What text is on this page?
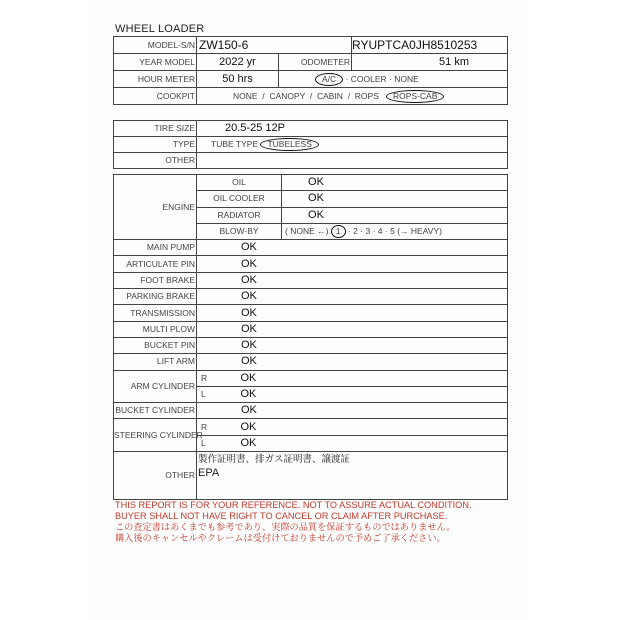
WHEEL LOADER
MODEL-S/N	ZW150-6		RYUPTCA0JH8510253
YEAR MODEL	2022 yr	ODOMETER	51 km
HOUR METER	50 hrs	A/C · COOLER · NONE	
COOKPIT	NONE  /  CANOPY  /  CABIN  /  ROPS ROPS-CAB		
TIRE SIZE	20.5-25 12P
TYPE	TUBE TYPE TUBELESS
OTHER	
ENGINE	OIL		OK
	OIL COOLER		OK
	RADIATOR		OK
	BLOW-BY		( NONE ←) 1 · 2 · 3 · 4 · 5 (→ HEAVY)
MAIN PUMP	OK		
ARTICULATE PIN	OK		
FOOT BRAKE	OK		
PARKING BRAKE	OK		
TRANSMISSION	OK		
MULTI PLOW	OK		
BUCKET PIN	OK		
LIFT ARM	OK		
ARM CYLINDER	R	OK	
	L	OK	
BUCKET CYLINDER	OK		
STEERING CYLINDER	R	OK	
	L	OK	
OTHER	製作証明書、排ガス証明書、譲渡証
EPA		
THIS REPORT IS FOR YOUR REFERENCE. NOT TO ASSURE ACTUAL CONDITION.
BUYER SHALL NOT HAVE RIGHT TO CANCEL OR CLAIM AFTER PURCHASE.
この査定書はあくまでも参考であり、実際の品質を保証するものではありません。
購入後のキャンセルやクレームは受付けておりませんので予めご了承ください。
